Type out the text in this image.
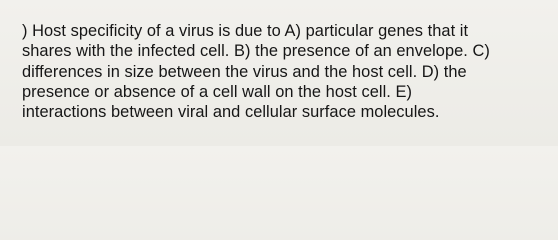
) Host specificity of a virus is due to A) particular genes that it
shares with the infected cell. B) the presence of an envelope. C)
differences in size between the virus and the host cell. D) the
presence or absence of a cell wall on the host cell. E)
interactions between viral and cellular surface molecules.
